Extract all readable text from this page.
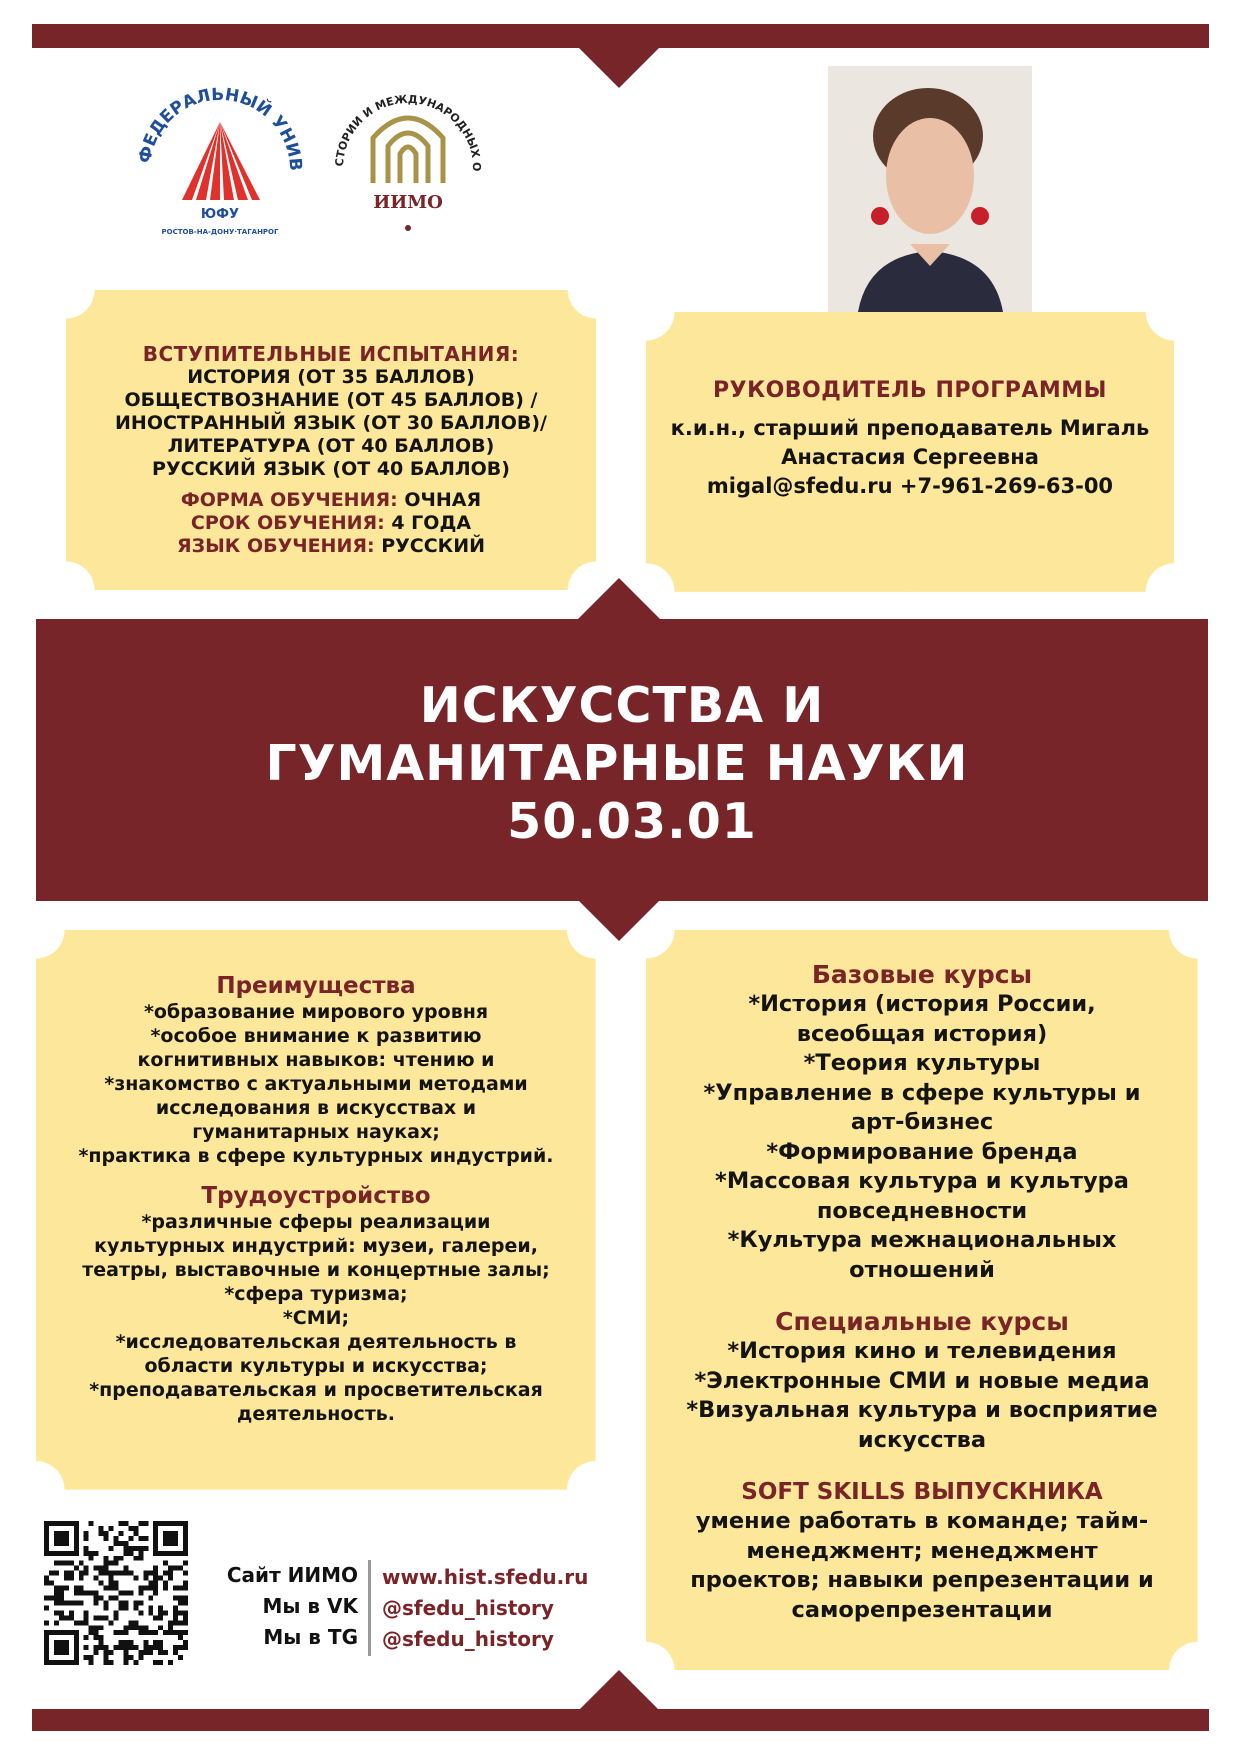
ФЕДЕРАЛЬНЫЙ УНИВ
ЮФУ
РОСТОВ-НА-ДОНУ·ТАГАНРОГ
СТОРИИ И МЕЖДУНАРОДНЫХ О
ИИМО
ВСТУПИТЕЛЬНЫЕ ИСПЫТАНИЯ:
ИСТОРИЯ (ОТ 35 БАЛЛОВ)
ОБЩЕСТВОЗНАНИЕ (ОТ 45 БАЛЛОВ) /
ИНОСТРАННЫЙ ЯЗЫК (ОТ 30 БАЛЛОВ)/
ЛИТЕРАТУРА (ОТ 40 БАЛЛОВ)
РУССКИЙ ЯЗЫК (ОТ 40 БАЛЛОВ)
ФОРМА ОБУЧЕНИЯ: ОЧНАЯ
СРОК ОБУЧЕНИЯ: 4 ГОДА
ЯЗЫК ОБУЧЕНИЯ: РУССКИЙ
РУКОВОДИТЕЛЬ ПРОГРАММЫ
к.и.н., старший преподаватель Мигаль
Анастасия Сергеевна
migal@sfedu.ru +7-961-269-63-00
ИСКУССТВА И
ГУМАНИТАРНЫЕ НАУКИ
50.03.01
Преимущества
*образование мирового уровня
*особое внимание к развитию
когнитивных навыков: чтению и
*знакомство с актуальными методами
исследования в искусствах и
гуманитарных науках;
*практика в сфере культурных индустрий.
Трудоустройство
*различные сферы реализации
культурных индустрий: музеи, галереи,
театры, выставочные и концертные залы;
*сфера туризма;
*СМИ;
*исследовательская деятельность в
области культуры и искусства;
*преподавательская и просветительская
деятельность.
Базовые курсы
*История (история России,
всеобщая история)
*Теория культуры
*Управление в сфере культуры и
арт-бизнес
*Формирование бренда
*Массовая культура и культура
повседневности
*Культура межнациональных
отношений
Специальные курсы
*История кино и телевидения
*Электронные СМИ и новые медиа
*Визуальная культура и восприятие
искусства
SOFT SKILLS ВЫПУСКНИКА
умение работать в команде; тайм-
менеджмент; менеджмент
проектов; навыки репрезентации и
саморепрезентации
Сайт ИИМО
Мы в VK
Мы в TG
www.hist.sfedu.ru
@sfedu_history
@sfedu_history
